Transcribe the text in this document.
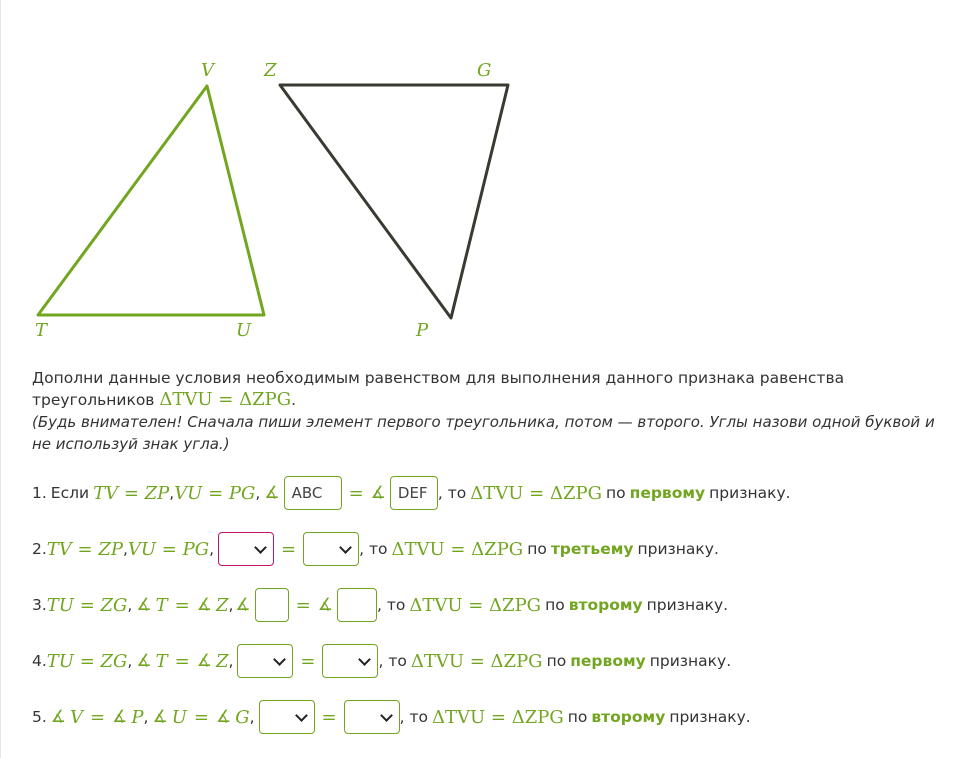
V	Z	G
T	U	P
Дополни данные условия необходимым равенством для выполнения данного признака равенства треугольников ΔTVU = ΔZPG.
(Будь внимателен! Сначала пиши элемент первого треугольника, потом — второго. Углы назови одной буквой и не используй знак угла.)
1. Если TV = ZP , VU = PG , ∡ ABC	= ∡ DEF , то ΔTVU = ΔZPG по первому признаку.
2. TV = ZP , VU = PG ,	=	, то ΔTVU = ΔZPG по третьему признаку.
3. TU = ZG , ∡ T = ∡ Z , ∡	= ∡	, то ΔTVU = ΔZPG по второму признаку.
4. TU = ZG , ∡ T = ∡ Z ,	=	, то ΔTVU = ΔZPG по первому признаку.
5. ∡ V = ∡ P , ∡ U = ∡ G ,	=	, то ΔTVU = ΔZPG по второму признаку.
